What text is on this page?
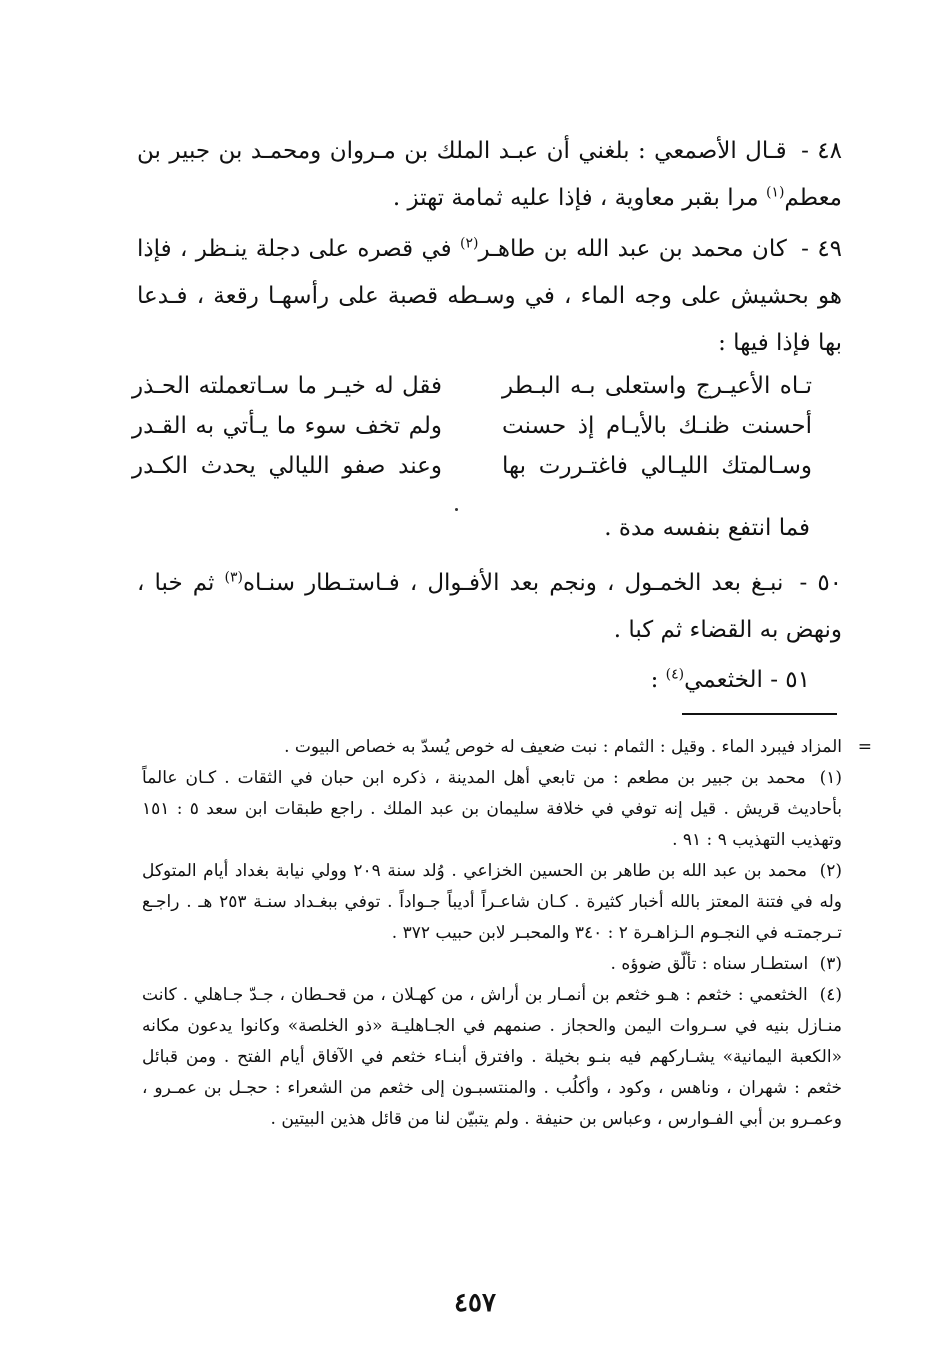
٤٨ - قـال الأصمعي : بلغني أن عبـد الملك بن مـروان ومحمـد بن جبير بن معطم$^{(١)}$ مرا بقبر معاوية ، فإذا عليه ثمامة تهتز .
٤٩ - كان محمد بن عبد الله بن طاهـر$^{(٢)}$ في قصره على دجلة ينـظر ، فإذا هو بحشيش على وجه الماء ، في وسـطه قصبة على رأسهـا رقعة ، فـدعا بها فإذا فيها :
تـاه الأعيـرج واستعلى بـه البـطر
فقل له خيـر ما سـاتعملته الحـذر
أحسنت ظنـك بالأيـام إذ حسنت
ولم تخف سوء ما يـأتي به القـدر
وسـالمتك الليـالي فاغتـررت بها
وعند صفو الليالي يحدث الكـدر
فما انتفع بنفسه مدة .
٥٠ - نبـغ بعد الخمـول ، ونجم بعد الأفـوال ، فـاستـطار سنـاه$^{(٣)}$ ثم خبا ، ونهض به القضاء ثم كبا .
٥١ - الخثعمي$^{(٤)}$ :
=
المزاد فيبرد الماء . وقيل : الثمام : نبت ضعيف له خوص يُسدّ به خصاص البيوت .
(١) محمد بن جبير بن مطعم : من تابعي أهل المدينة ، ذكره ابن حبان في الثقات . كـان عالماً بأحاديث قريش . قيل إنه توفي في خلافة سليمان بن عبد الملك . راجع طبقات ابن سعد ٥ : ١٥١ وتهذيب التهذيب ٩ : ٩١ .
(٢) محمد بن عبد الله بن طاهر بن الحسين الخزاعي . وُلد سنة ٢٠٩ وولي نيابة بغداد أيام المتوكل وله في فتنة المعتز بالله أخبار كثيرة . كـان شاعـراً أديباً جـواداً . توفي ببغـداد سنـة ٢٥٣ هـ . راجـع تـرجمتـه في النجـوم الـزاهـرة ٢ : ٣٤٠ والمحبـر لابن حبيب ٣٧٢ .
(٣) استطـار سناه : تألّق ضوؤه .
(٤) الخثعمي : خثعم : هـو خثعم بن أنمـار بن أراش ، من كهـلان ، من قحـطان ، جـدّ جـاهلي . كانت منـازل بنيه في سـروات اليمن والحجاز . صنمهم في الجـاهليـة «ذو الخلصة» وكانوا يدعون مكانه «الكعبة اليمانية» يشـاركهم فيه بنـو بخيلة . وافترق أبنـاء خثعم في الآفاق أيام الفتح . ومن قبائل خثعم : شهران ، وناهس ، وكود ، وأكلُب . والمنتسبـون إلى خثعم من الشعراء : حجـل بن عمـرو ، وعمـرو بن أبي الفـوارس ، وعباس بن حنيفة . ولم يتبيّن لنا من قائل هذين البيتين .
٤٥٧
